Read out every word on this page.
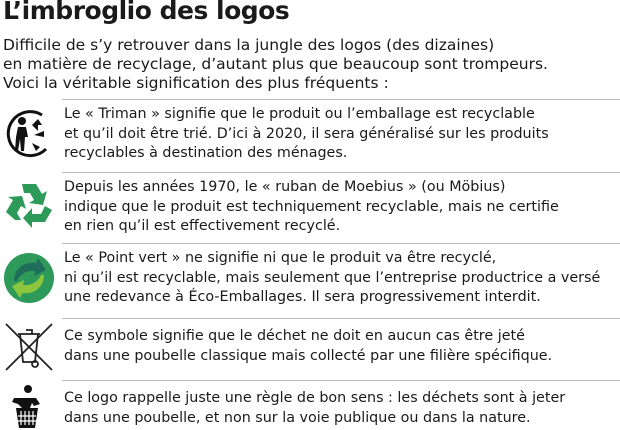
L’imbroglio des logos
Difficile de s’y retrouver dans la jungle des logos (des dizaines)
en matière de recyclage, d’autant plus que beaucoup sont trompeurs.
Voici la véritable signification des plus fréquents :
Le « Triman » signifie que le produit ou l’emballage est recyclable
et qu’il doit être trié. D’ici à 2020, il sera généralisé sur les produits
recyclables à destination des ménages.
Depuis les années 1970, le « ruban de Moebius » (ou Möbius)
indique que le produit est techniquement recyclable, mais ne certifie
en rien qu’il est effectivement recyclé.
Le « Point vert » ne signifie ni que le produit va être recyclé,
ni qu’il est recyclable, mais seulement que l’entreprise productrice a versé
une redevance à Éco-Emballages. Il sera progressivement interdit.
Ce symbole signifie que le déchet ne doit en aucun cas être jeté
dans une poubelle classique mais collecté par une filière spécifique.
Ce logo rappelle juste une règle de bon sens : les déchets sont à jeter
dans une poubelle, et non sur la voie publique ou dans la nature.
